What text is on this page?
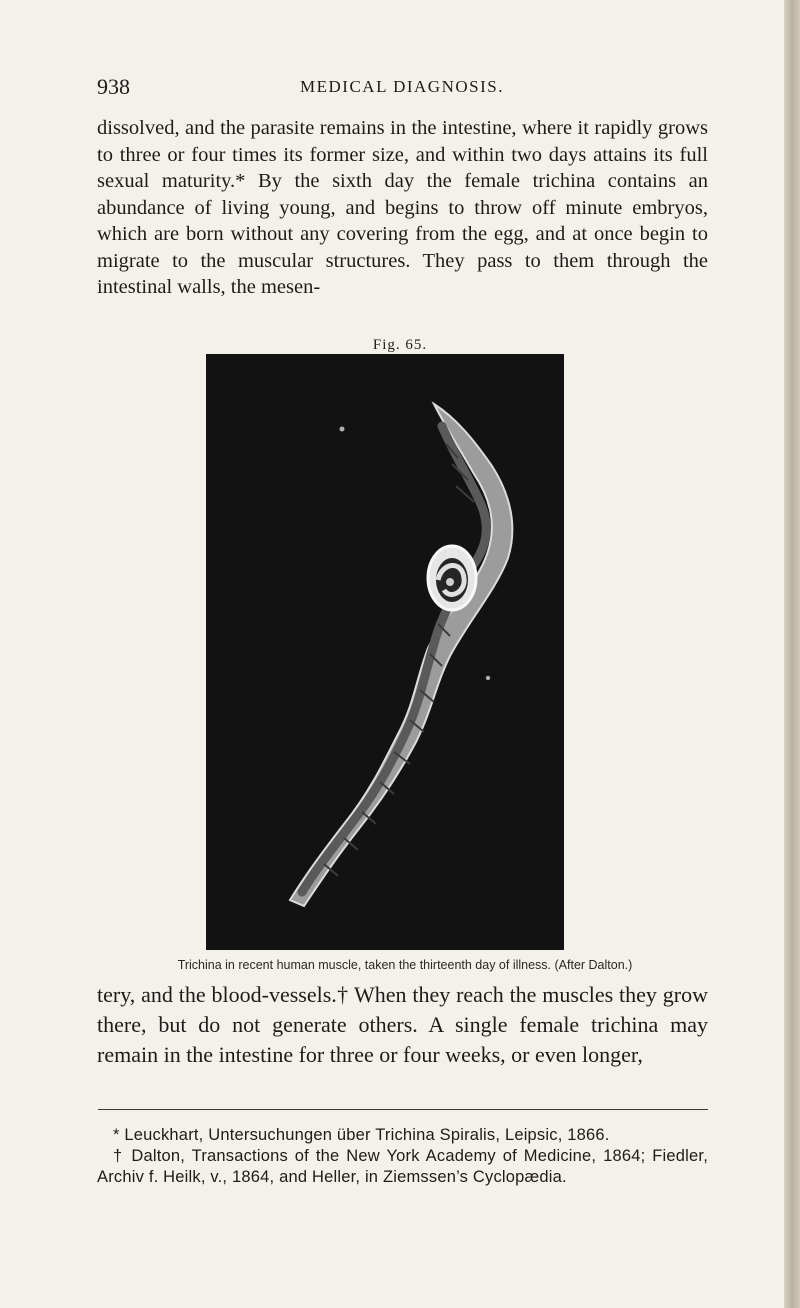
938	MEDICAL DIAGNOSIS.

dissolved, and the parasite remains in the intestine, where it rapidly grows to three or four times its former size, and within two days attains its full sexual maturity.* By the sixth day the female trichina contains an abundance of living young, and begins to throw off minute embryos, which are born without any covering from the egg, and at once begin to migrate to the muscular structures. They pass to them through the intestinal walls, the mesen-

Fig. 65.
Trichina in recent human muscle, taken the thirteenth day of illness. (After Dalton.)

tery, and the blood-vessels.† When they reach the muscles they grow there, but do not generate others. A single female trichina may remain in the intestine for three or four weeks, or even longer,

* Leuckhart, Untersuchungen über Trichina Spiralis, Leipsic, 1866.

† Dalton, Transactions of the New York Academy of Medicine, 1864; Fiedler, Archiv f. Heilk, v., 1864, and Heller, in Ziemssen’s Cyclopædia.
